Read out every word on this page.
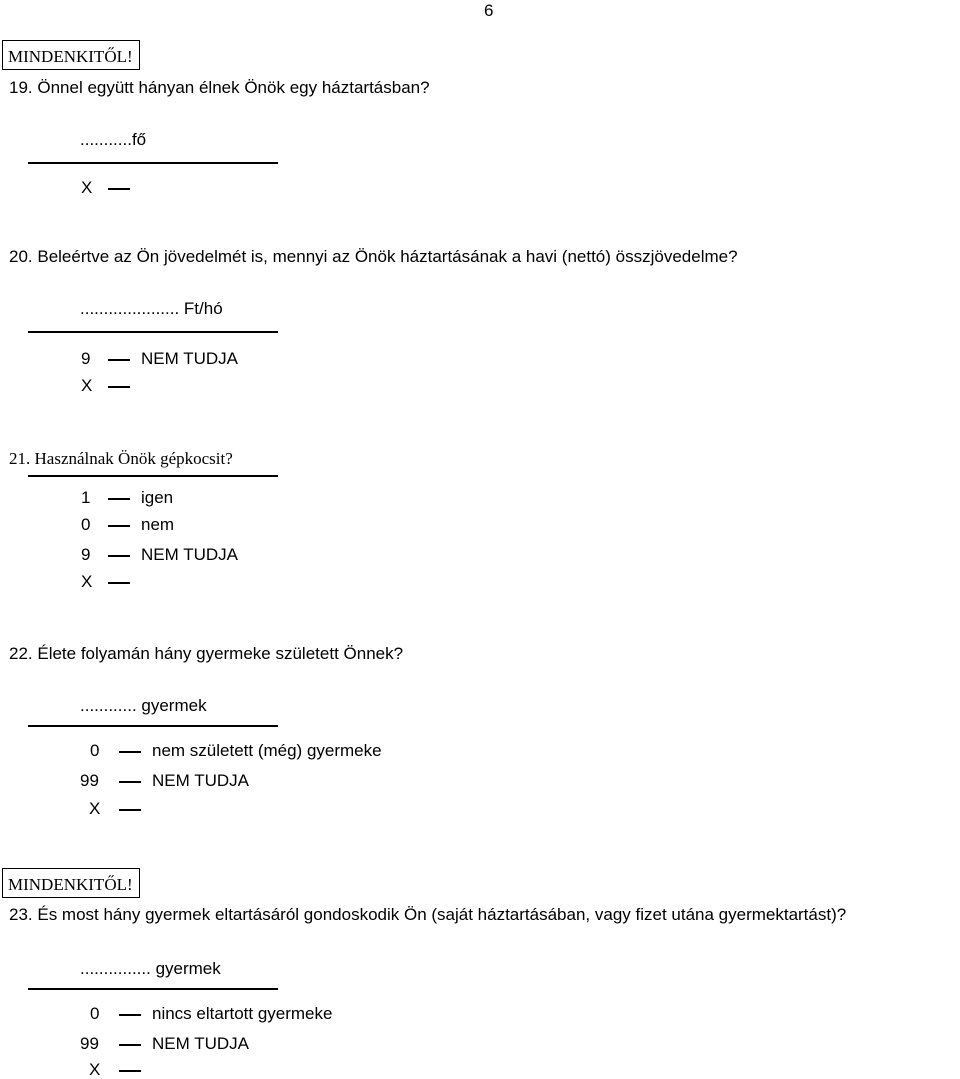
6
MINDENKITŐL!
19. Önnel együtt hányan élnek Önök egy háztartásban?
...........fő
X
20. Beleértve az Ön jövedelmét is, mennyi az Önök háztartásának a havi (nettó) összjövedelme?
..................... Ft/hó
9	NEM TUDJA
X
21. Használnak Önök gépkocsit?
1	igen
0	nem
9	NEM TUDJA
X
22. Élete folyamán hány gyermeke született Önnek?
............ gyermek
0	nem született (még) gyermeke
99	NEM TUDJA
X
MINDENKITŐL!
23. És most hány gyermek eltartásáról gondoskodik Ön (saját háztartásában, vagy fizet utána gyermektartást)?
............... gyermek
0	nincs eltartott gyermeke
99	NEM TUDJA
X
